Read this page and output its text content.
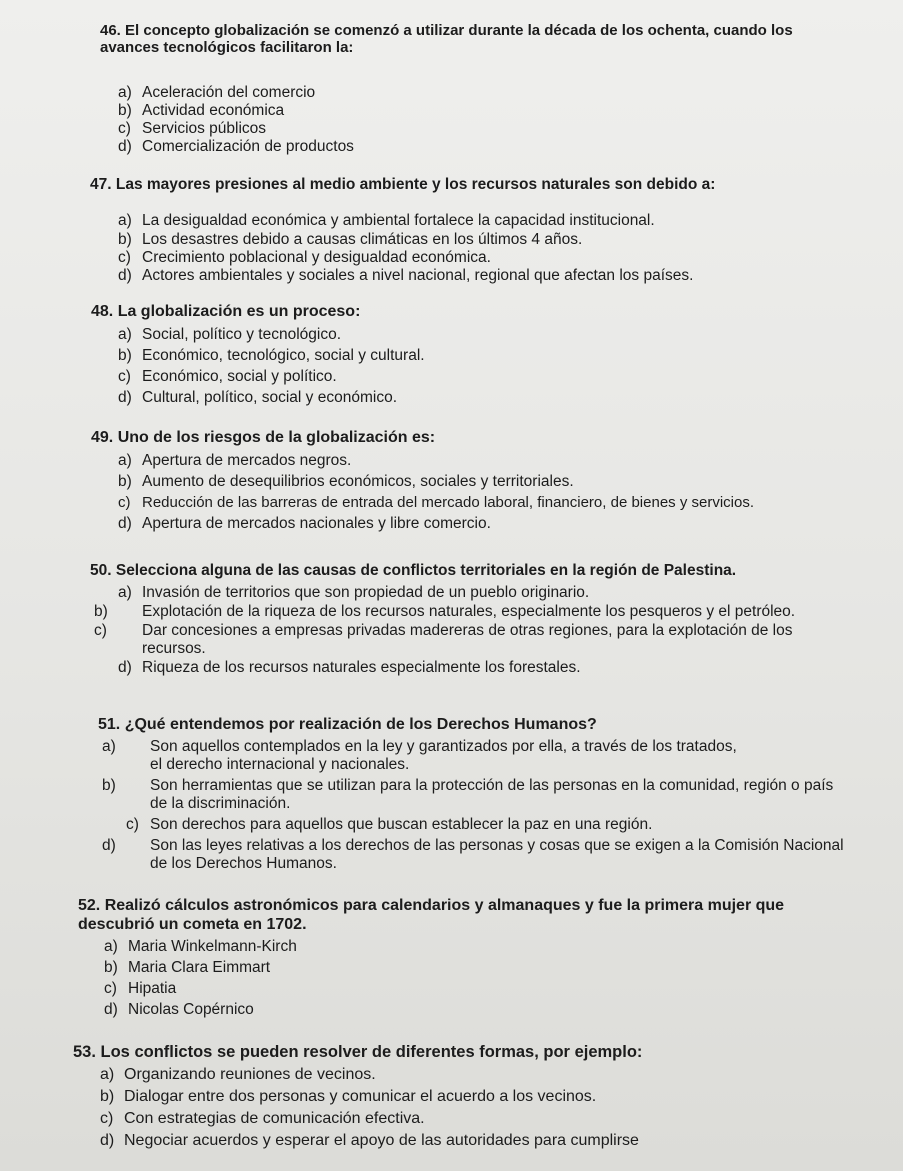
46. El concepto globalización se comenzó a utilizar durante la década de los ochenta, cuando los avances tecnológicos facilitaron la:

a) Aceleración del comercio
b) Actividad económica
c) Servicios públicos
d) Comercialización de productos

47. Las mayores presiones al medio ambiente y los recursos naturales son debido a:

a) La desigualdad económica y ambiental fortalece la capacidad institucional.
b) Los desastres debido a causas climáticas en los últimos 4 años.
c) Crecimiento poblacional y desigualdad económica.
d) Actores ambientales y sociales a nivel nacional, regional que afectan los países.

48. La globalización es un proceso:

a) Social, político y tecnológico.
b) Económico, tecnológico, social y cultural.
c) Económico, social y político.
d) Cultural, político, social y económico.

49. Uno de los riesgos de la globalización es:

a) Apertura de mercados negros.
b) Aumento de desequilibrios económicos, sociales y territoriales.
c) Reducción de las barreras de entrada del mercado laboral, financiero, de bienes y servicios.
d) Apertura de mercados nacionales y libre comercio.

50. Selecciona alguna de las causas de conflictos territoriales en la región de Palestina.

a) Invasión de territorios que son propiedad de un pueblo originario.
b) Explotación de la riqueza de los recursos naturales, especialmente los pesqueros y el petróleo.
c) Dar concesiones a empresas privadas madereras de otras regiones, para la explotación de los recursos.
d) Riqueza de los recursos naturales especialmente los forestales.

51. ¿Qué entendemos por realización de los Derechos Humanos?

a) Son aquellos contemplados en la ley y garantizados por ella, a través de los tratados, el derecho internacional y nacionales.
b) Son herramientas que se utilizan para la protección de las personas en la comunidad, región o país de la discriminación.
c) Son derechos para aquellos que buscan establecer la paz en una región.
d) Son las leyes relativas a los derechos de las personas y cosas que se exigen a la Comisión Nacional de los Derechos Humanos.

52. Realizó cálculos astronómicos para calendarios y almanaques y fue la primera mujer que descubrió un cometa en 1702.

a) Maria Winkelmann-Kirch
b) Maria Clara Eimmart
c) Hipatia
d) Nicolas Copérnico

53. Los conflictos se pueden resolver de diferentes formas, por ejemplo:

a) Organizando reuniones de vecinos.
b) Dialogar entre dos personas y comunicar el acuerdo a los vecinos.
c) Con estrategias de comunicación efectiva.
d) Negociar acuerdos y esperar el apoyo de las autoridades para cumplirse
